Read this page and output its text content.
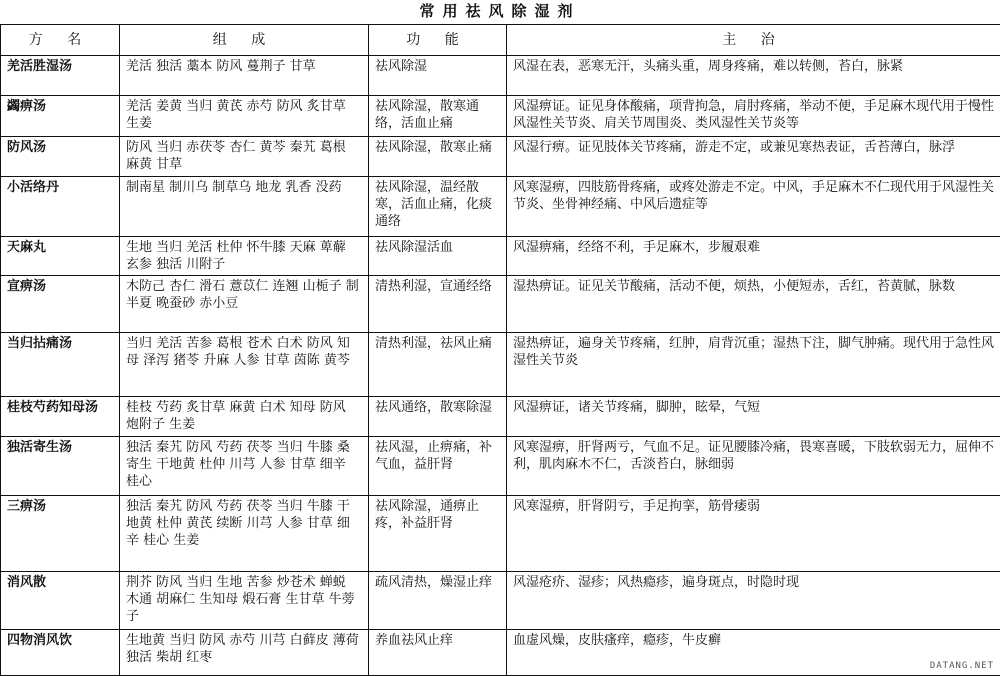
常用祛风除湿剂
方 名	组 成	功 能	主 治
羌活胜湿汤	羌活 独活 藁本 防风 蔓荆子 甘草	祛风除湿	风湿在表，恶寒无汗，头痛头重，周身疼痛，难以转侧，苔白，脉紧
蠲痹汤	羌活 姜黄 当归 黄芪 赤芍 防风 炙甘草 生姜	祛风除湿，散寒通络，活血止痛	风湿痹证。证见身体酸痛，项背拘急，肩肘疼痛，举动不便，手足麻木现代用于慢性风湿性关节炎、肩关节周围炎、类风湿性关节炎等
防风汤	防风 当归 赤茯苓 杏仁 黄芩 秦艽 葛根 麻黄 甘草	祛风除湿，散寒止痛	风湿行痹。证见肢体关节疼痛，游走不定，或兼见寒热表证，舌苔薄白，脉浮
小活络丹	制南星 制川乌 制草乌 地龙 乳香 没药	祛风除湿，温经散寒，活血止痛，化痰通络	风寒湿痹，四肢筋骨疼痛，或疼处游走不定。中风，手足麻木不仁现代用于风湿性关节炎、坐骨神经痛、中风后遗症等
天麻丸	生地 当归 羌活 杜仲 怀牛膝 天麻 萆薢 玄参 独活 川附子	祛风除湿活血	风湿痹痛，经络不利，手足麻木，步履艰难
宣痹汤	木防己 杏仁 滑石 薏苡仁 连翘 山栀子 制半夏 晚蚕砂 赤小豆	清热利湿，宣通经络	湿热痹证。证见关节酸痛，活动不便，烦热，小便短赤，舌红，苔黄腻，脉数
当归拈痛汤	当归 羌活 苦参 葛根 苍术 白术 防风 知母 泽泻 猪苓 升麻 人参 甘草 茵陈 黄芩	清热利湿，祛风止痛	湿热痹证，遍身关节疼痛，红肿，肩背沉重；湿热下注，脚气肿痛。现代用于急性风湿性关节炎
桂枝芍药知母汤	桂枝 芍药 炙甘草 麻黄 白术 知母 防风 炮附子 生姜	祛风通络，散寒除湿	风湿痹证，诸关节疼痛，脚肿，眩晕，气短
独活寄生汤	独活 秦艽 防风 芍药 茯苓 当归 牛膝 桑寄生 干地黄 杜仲 川芎 人参 甘草 细辛 桂心	祛风湿，止痹痛，补气血，益肝肾	风寒湿痹，肝肾两亏，气血不足。证见腰膝冷痛，畏寒喜暖，下肢软弱无力，屈伸不利，肌肉麻木不仁，舌淡苔白，脉细弱
三痹汤	独活 秦艽 防风 芍药 茯苓 当归 牛膝 干地黄 杜仲 黄芪 续断 川芎 人参 甘草 细辛 桂心 生姜	祛风除湿，通痹止疼，补益肝肾	风寒湿痹，肝肾阴亏，手足拘挛，筋骨痿弱
消风散	荆芥 防风 当归 生地 苦参 炒苍术 蝉蜕 木通 胡麻仁 生知母 煅石膏 生甘草 牛蒡子	疏风清热，燥湿止痒	风湿疮疥、湿疹；风热瘾疹，遍身斑点，时隐时现
四物消风饮	生地黄 当归 防风 赤芍 川芎 白藓皮 薄荷 独活 柴胡 红枣	养血祛风止痒	血虚风燥，皮肤瘙痒，瘾疹，牛皮癣
DATANG.NET
